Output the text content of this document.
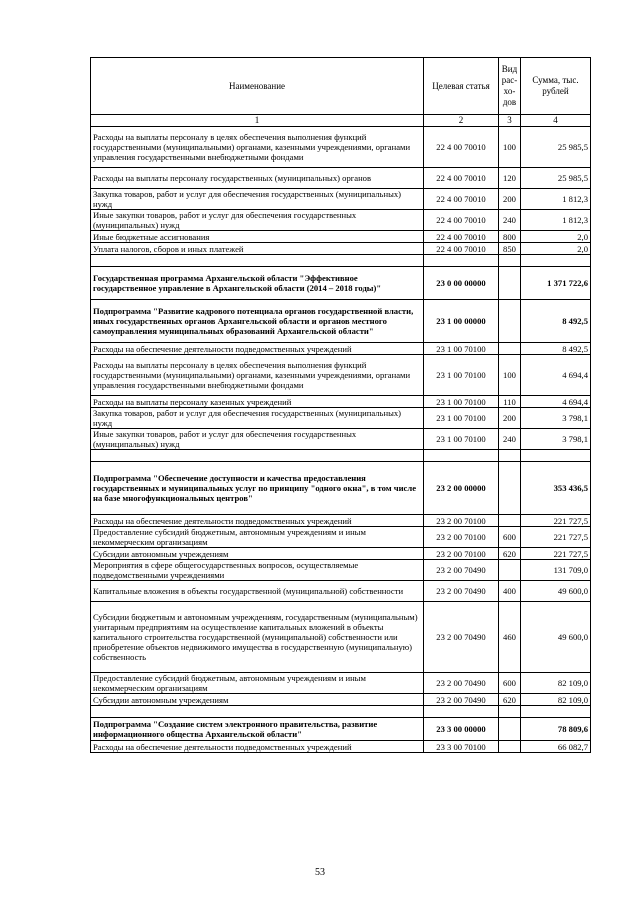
Наименование	Целевая статья	Вид рас-хо-дов	Сумма, тыс. рублей
1	2	3	4
Расходы на выплаты персоналу в целях обеспечения выполнения функций государственными (муниципальными) органами, казенными учреждениями, органами управления государственными внебюджетными фондами	22 4 00 70010	100	25 985,5
Расходы на выплаты персоналу государственных (муниципальных) органов	22 4 00 70010	120	25 985,5
Закупка товаров, работ и услуг для обеспечения государственных (муниципальных) нужд	22 4 00 70010	200	1 812,3
Иные закупки товаров, работ и услуг для обеспечения государственных (муниципальных) нужд	22 4 00 70010	240	1 812,3
Иные бюджетные ассигнования	22 4 00 70010	800	2,0
Уплата налогов, сборов и иных платежей	22 4 00 70010	850	2,0

Государственная программа Архангельской области "Эффективное государственное управление в Архангельской области (2014 – 2018 годы)"	23 0 00 00000		1 371 722,6
Подпрограмма "Развитие кадрового потенциала органов государственной власти, иных государственных органов Архангельской области и органов местного самоуправления муниципальных образований Архангельской области"	23 1 00 00000		8 492,5
Расходы на обеспечение деятельности подведомственных учреждений	23 1 00 70100		8 492,5
Расходы на выплаты персоналу в целях обеспечения выполнения функций государственными (муниципальными) органами, казенными учреждениями, органами управления государственными внебюджетными фондами	23 1 00 70100	100	4 694,4
Расходы на выплаты персоналу казенных учреждений	23 1 00 70100	110	4 694,4
Закупка товаров, работ и услуг для обеспечения государственных (муниципальных) нужд	23 1 00 70100	200	3 798,1
Иные закупки товаров, работ и услуг для обеспечения государственных (муниципальных) нужд	23 1 00 70100	240	3 798,1

Подпрограмма "Обеспечение доступности и качества предоставления государственных и муниципальных услуг по принципу "одного окна", в том числе на базе многофункциональных центров"	23 2 00 00000		353 436,5
Расходы на обеспечение деятельности подведомственных учреждений	23 2 00 70100		221 727,5
Предоставление субсидий бюджетным, автономным учреждениям и иным некоммерческим организациям	23 2 00 70100	600	221 727,5
Субсидии автономным учреждениям	23 2 00 70100	620	221 727,5
Мероприятия в сфере общегосударственных вопросов, осуществляемые подведомственными учреждениями	23 2 00 70490		131 709,0
Капитальные вложения в объекты государственной (муниципальной) собственности	23 2 00 70490	400	49 600,0
Субсидии бюджетным и автономным учреждениям, государственным (муниципальным) унитарным предприятиям на осуществление капитальных вложений в объекты капитального строительства государственной (муниципальной) собственности или приобретение объектов недвижимого имущества в государственную (муниципальную) собственность	23 2 00 70490	460	49 600,0
Предоставление субсидий бюджетным, автономным учреждениям и иным некоммерческим организациям	23 2 00 70490	600	82 109,0
Субсидии автономным учреждениям	23 2 00 70490	620	82 109,0

Подпрограмма "Создание систем электронного правительства, развитие информационного общества Архангельской области"	23 3 00 00000		78 809,6
Расходы на обеспечение деятельности подведомственных учреждений	23 3 00 70100		66 082,7
53
